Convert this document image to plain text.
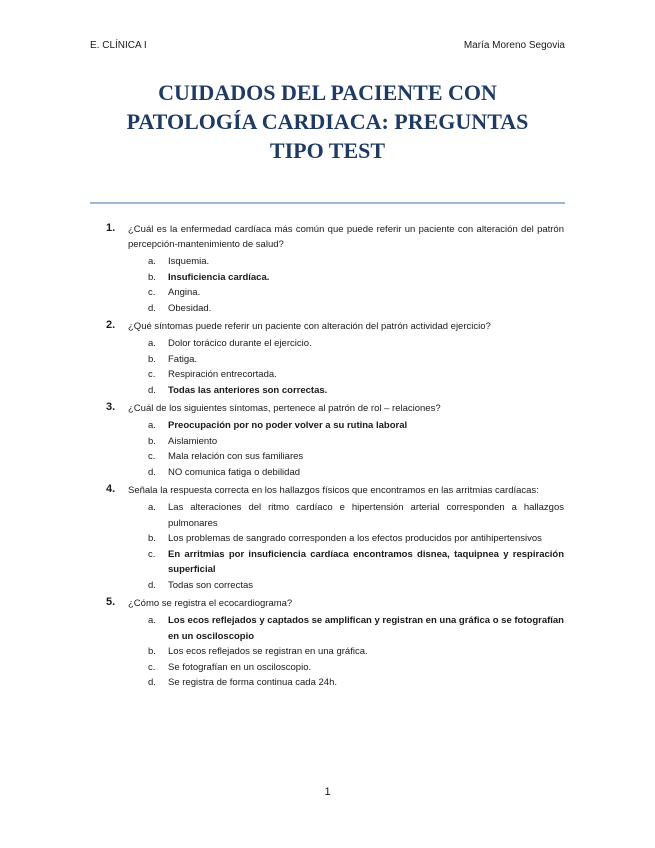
E. CLÍNICA I	María Moreno Segovia
CUIDADOS DEL PACIENTE CON
PATOLOGÍA CARDIACA: PREGUNTAS
TIPO TEST
1. ¿Cuál es la enfermedad cardíaca más común que puede referir un paciente con alteración del patrón percepción-mantenimiento de salud?
a. Isquemia.
b. Insuficiencia cardíaca.
c. Angina.
d. Obesidad.
2. ¿Qué síntomas puede referir un paciente con alteración del patrón actividad ejercicio?
a. Dolor torácico durante el ejercicio.
b. Fatiga.
c. Respiración entrecortada.
d. Todas las anteriores son correctas.
3. ¿Cuál de los siguientes síntomas, pertenece al patrón de rol – relaciones?
a. Preocupación por no poder volver a su rutina laboral
b. Aislamiento
c. Mala relación con sus familiares
d. NO comunica fatiga o debilidad
4. Señala la respuesta correcta en los hallazgos físicos que encontramos en las arritmias cardíacas:
a. Las alteraciones del ritmo cardíaco e hipertensión arterial corresponden a hallazgos pulmonares
b. Los problemas de sangrado corresponden a los efectos producidos por antihipertensivos
c. En arritmias por insuficiencia cardíaca encontramos disnea, taquipnea y respiración superficial
d. Todas son correctas
5. ¿Cómo se registra el ecocardiograma?
a. Los ecos reflejados y captados se amplifican y registran en una gráfica o se fotografían en un osciloscopio
b. Los ecos reflejados se registran en una gráfica.
c. Se fotografían en un osciloscopio.
d. Se registra de forma continua cada 24h.
1
